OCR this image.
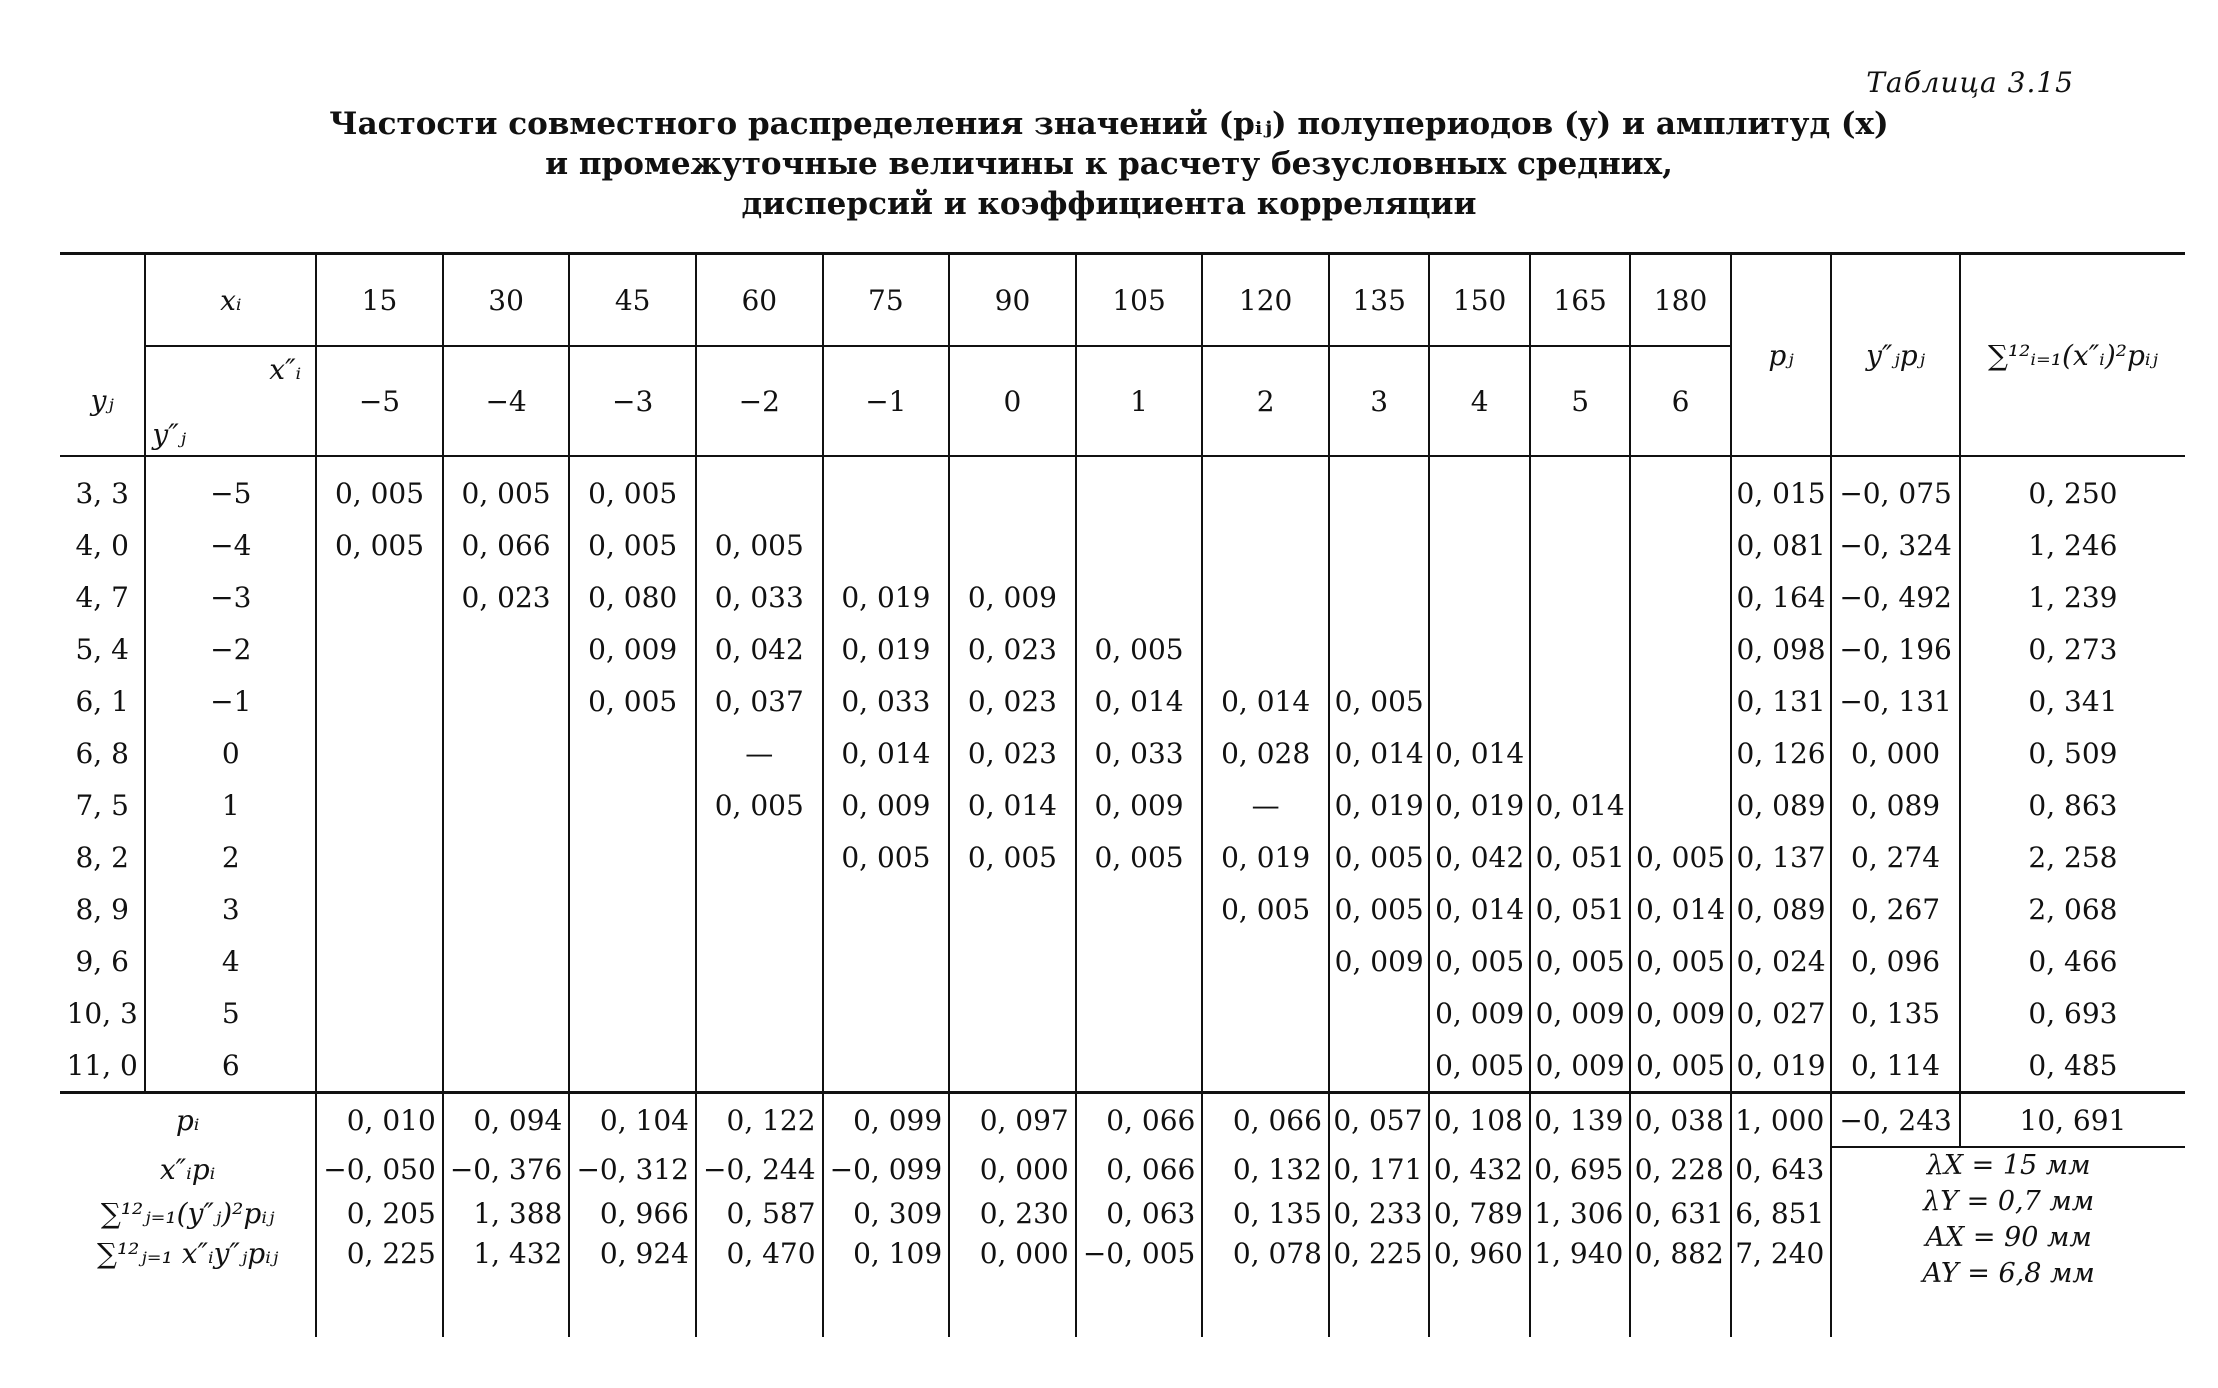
Таблица 3.15
Частости совместного распределения значений (pᵢⱼ) полупериодов (y) и амплитуд (x)
и промежуточные величины к расчету безусловных средних,
дисперсий и коэффициента корреляции
	xᵢ	15	30	45	60	75	90	105	120	135	150	165	180	pⱼ	y″ⱼpⱼ	∑¹²ᵢ₌₁(x″ᵢ)²pᵢⱼ
yⱼ	x″ᵢ
y″ⱼ	−5	−4	−3	−2	−1	0	1	2	3	4	5	6			
3, 3	−5	0, 005	0, 005	0, 005										0, 015	−0, 075	0, 250
4, 0	−4	0, 005	0, 066	0, 005	0, 005									0, 081	−0, 324	1, 246
4, 7	−3		0, 023	0, 080	0, 033	0, 019	0, 009							0, 164	−0, 492	1, 239
5, 4	−2			0, 009	0, 042	0, 019	0, 023	0, 005						0, 098	−0, 196	0, 273
6, 1	−1			0, 005	0, 037	0, 033	0, 023	0, 014	0, 014	0, 005				0, 131	−0, 131	0, 341
6, 8	0				—	0, 014	0, 023	0, 033	0, 028	0, 014	0, 014			0, 126	0, 000	0, 509
7, 5	1				0, 005	0, 009	0, 014	0, 009	—	0, 019	0, 019	0, 014		0, 089	0, 089	0, 863
8, 2	2					0, 005	0, 005	0, 005	0, 019	0, 005	0, 042	0, 051	0, 005	0, 137	0, 274	2, 258
8, 9	3								0, 005	0, 005	0, 014	0, 051	0, 014	0, 089	0, 267	2, 068
9, 6	4									0, 009	0, 005	0, 005	0, 005	0, 024	0, 096	0, 466
10, 3	5										0, 009	0, 009	0, 009	0, 027	0, 135	0, 693
11, 0	6										0, 005	0, 009	0, 005	0, 019	0, 114	0, 485
pᵢ		0, 010	0, 094	0, 104	0, 122	0, 099	0, 097	0, 066	0, 066	0, 057	0, 108	0, 139	0, 038	1, 000	−0, 243	10, 691
x″ᵢpᵢ		−0, 050	−0, 376	−0, 312	−0, 244	−0, 099	0, 000	0, 066	0, 132	0, 171	0, 432	0, 695	0, 228	0, 643	λX = 15 мм
λY = 0,7 мм
AX = 90 мм
AY = 6,8 мм	

∑¹²ⱼ₌₁(y″ⱼ)²pᵢⱼ		0, 205	1, 388	0, 966	0, 587	0, 309	0, 230	0, 063	0, 135	0, 233	0, 789	1, 306	0, 631	6, 851		
∑¹²ⱼ₌₁ x″ᵢy″ⱼpᵢⱼ		0, 225	1, 432	0, 924	0, 470	0, 109	0, 000	−0, 005	0, 078	0, 225	0, 960	1, 940	0, 882	7, 240		
